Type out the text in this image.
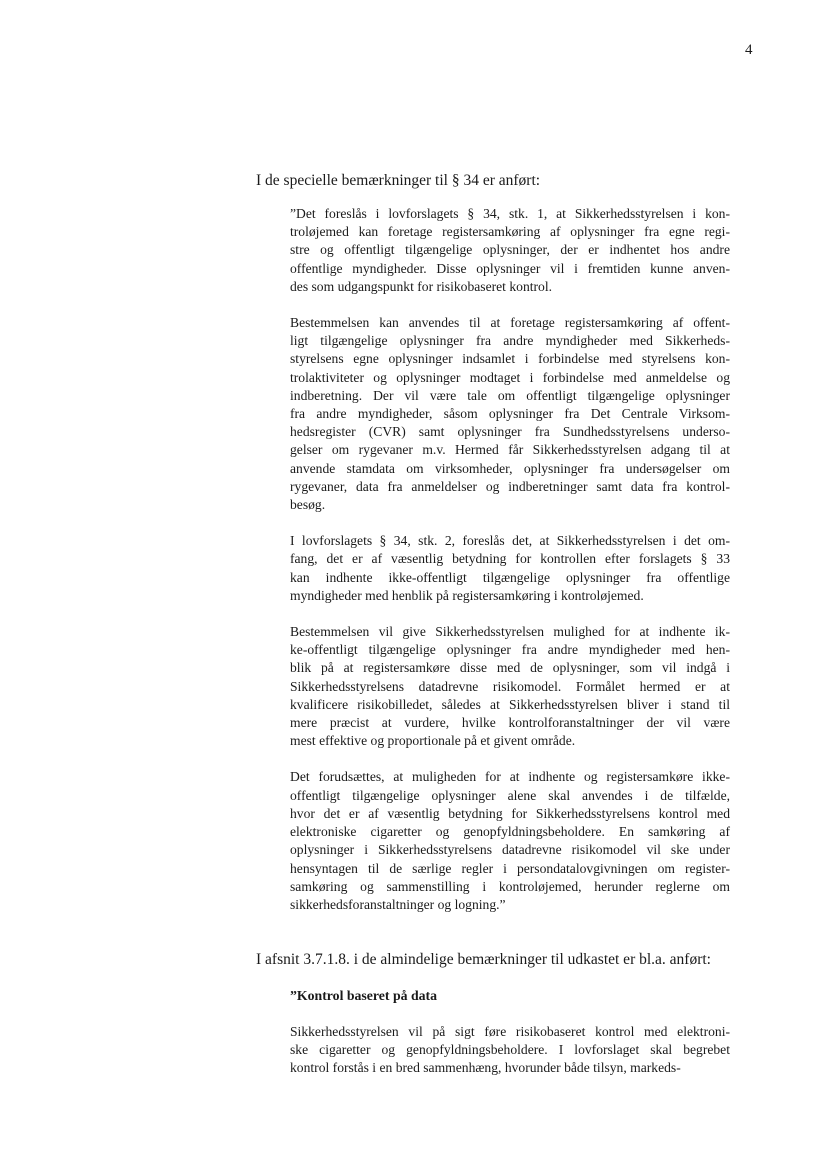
4
I de specielle bemærkninger til § 34 er anført:
”Det foreslås i lovforslagets § 34, stk. 1, at Sikkerhedsstyrelsen i kon-
troløjemed kan foretage registersamkøring af oplysninger fra egne regi-
stre og offentligt tilgængelige oplysninger, der er indhentet hos andre
offentlige myndigheder. Disse oplysninger vil i fremtiden kunne anven-
des som udgangspunkt for risikobaseret kontrol.
Bestemmelsen kan anvendes til at foretage registersamkøring af offent-
ligt tilgængelige oplysninger fra andre myndigheder med Sikkerheds-
styrelsens egne oplysninger indsamlet i forbindelse med styrelsens kon-
trolaktiviteter og oplysninger modtaget i forbindelse med anmeldelse og
indberetning. Der vil være tale om offentligt tilgængelige oplysninger
fra andre myndigheder, såsom oplysninger fra Det Centrale Virksom-
hedsregister (CVR) samt oplysninger fra Sundhedsstyrelsens underso-
gelser om rygevaner m.v. Hermed får Sikkerhedsstyrelsen adgang til at
anvende stamdata om virksomheder, oplysninger fra undersøgelser om
rygevaner, data fra anmeldelser og indberetninger samt data fra kontrol-
besøg.
I lovforslagets § 34, stk. 2, foreslås det, at Sikkerhedsstyrelsen i det om-
fang, det er af væsentlig betydning for kontrollen efter forslagets § 33
kan indhente ikke-offentligt tilgængelige oplysninger fra offentlige
myndigheder med henblik på registersamkøring i kontroløjemed.
Bestemmelsen vil give Sikkerhedsstyrelsen mulighed for at indhente ik-
ke-offentligt tilgængelige oplysninger fra andre myndigheder med hen-
blik på at registersamkøre disse med de oplysninger, som vil indgå i
Sikkerhedsstyrelsens datadrevne risikomodel. Formålet hermed er at
kvalificere risikobilledet, således at Sikkerhedsstyrelsen bliver i stand til
mere præcist at vurdere, hvilke kontrolforanstaltninger der vil være
mest effektive og proportionale på et givent område.
Det forudsættes, at muligheden for at indhente og registersamkøre ikke-
offentligt tilgængelige oplysninger alene skal anvendes i de tilfælde,
hvor det er af væsentlig betydning for Sikkerhedsstyrelsens kontrol med
elektroniske cigaretter og genopfyldningsbeholdere. En samkøring af
oplysninger i Sikkerhedsstyrelsens datadrevne risikomodel vil ske under
hensyntagen til de særlige regler i persondatalovgivningen om register-
samkøring og sammenstilling i kontroløjemed, herunder reglerne om
sikkerhedsforanstaltninger og logning.”
I afsnit 3.7.1.8. i de almindelige bemærkninger til udkastet er bl.a. anført:
”Kontrol baseret på data
Sikkerhedsstyrelsen vil på sigt føre risikobaseret kontrol med elektroni-
ske cigaretter og genopfyldningsbeholdere. I lovforslaget skal begrebet
kontrol forstås i en bred sammenhæng, hvorunder både tilsyn, markeds-
